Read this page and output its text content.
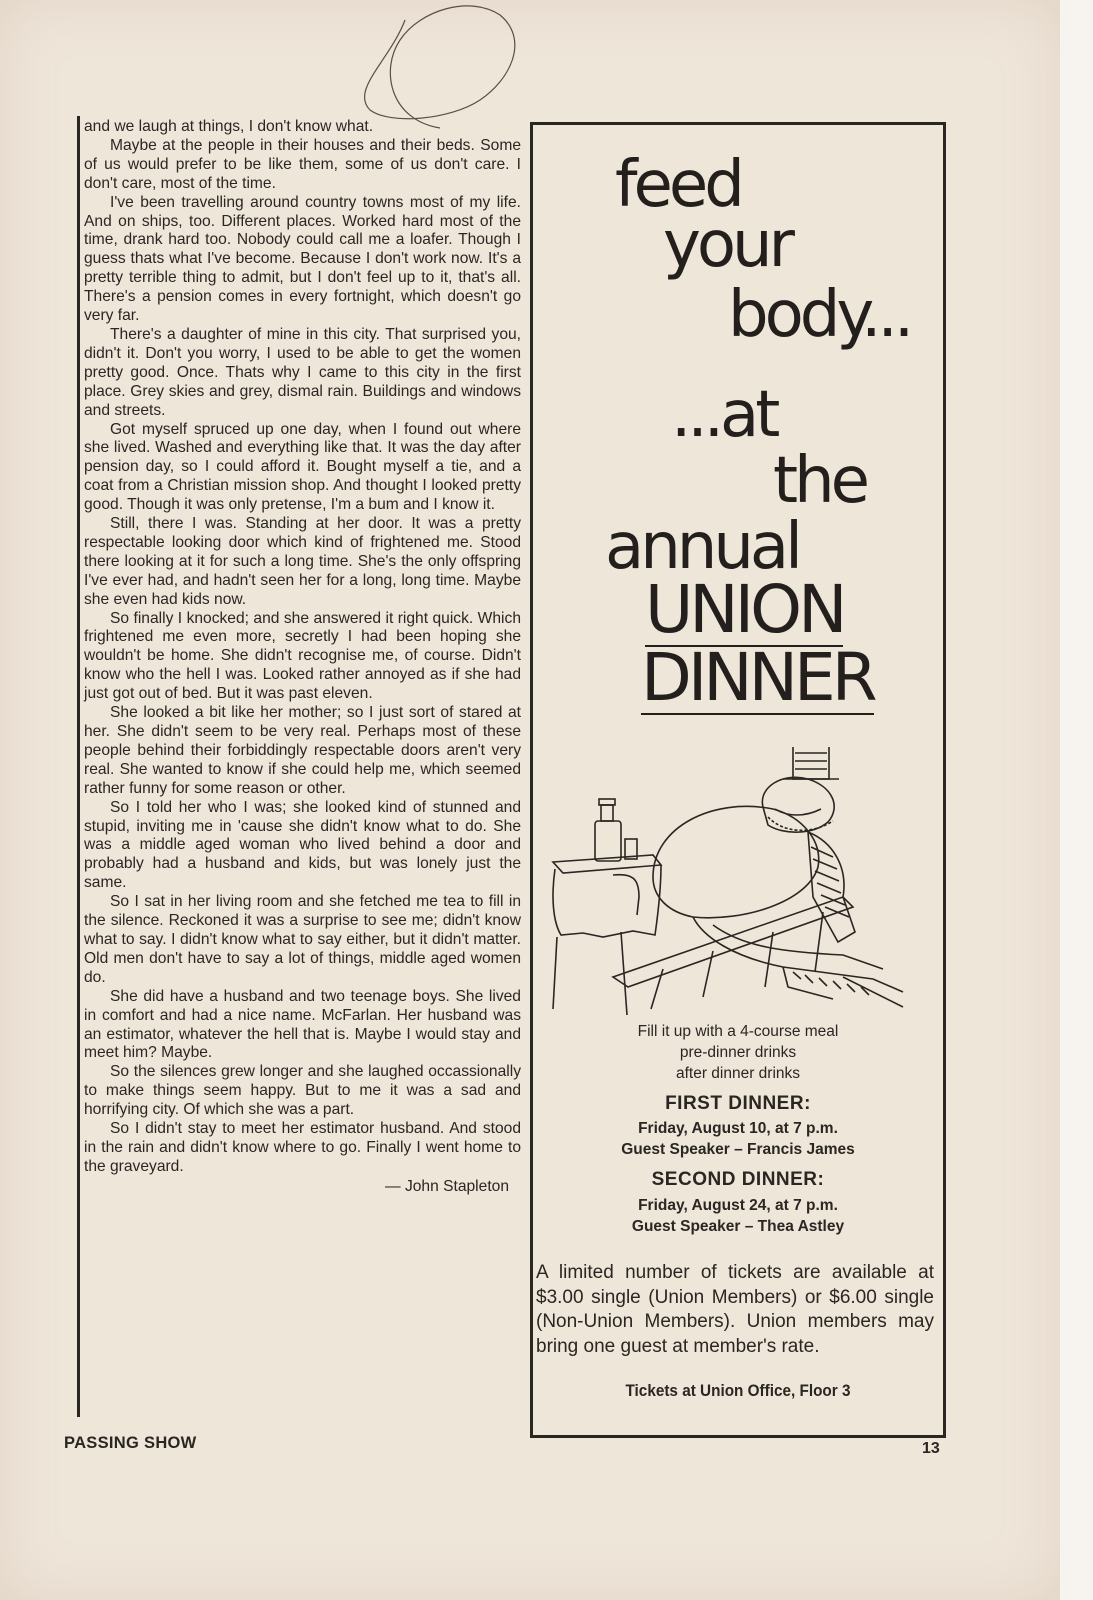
and we laugh at things, I don't know what.

Maybe at the people in their houses and their beds. Some of us would prefer to be like them, some of us don't care. I don't care, most of the time.

I've been travelling around country towns most of my life. And on ships, too. Different places. Worked hard most of the time, drank hard too. Nobody could call me a loafer. Though I guess thats what I've become. Because I don't work now. It's a pretty terrible thing to admit, but I don't feel up to it, that's all. There's a pension comes in every fortnight, which doesn't go very far.

There's a daughter of mine in this city. That surprised you, didn't it. Don't you worry, I used to be able to get the women pretty good. Once. Thats why I came to this city in the first place. Grey skies and grey, dismal rain. Buildings and windows and streets.

Got myself spruced up one day, when I found out where she lived. Washed and everything like that. It was the day after pension day, so I could afford it. Bought myself a tie, and a coat from a Christian mission shop. And thought I looked pretty good. Though it was only pretense, I'm a bum and I know it.

Still, there I was. Standing at her door. It was a pretty respectable looking door which kind of frightened me. Stood there looking at it for such a long time. She's the only offspring I've ever had, and hadn't seen her for a long, long time. Maybe she even had kids now.

So finally I knocked; and she answered it right quick. Which frightened me even more, secretly I had been hoping she wouldn't be home. She didn't recognise me, of course. Didn't know who the hell I was. Looked rather annoyed as if she had just got out of bed. But it was past eleven.

She looked a bit like her mother; so I just sort of stared at her. She didn't seem to be very real. Perhaps most of these people behind their forbiddingly respectable doors aren't very real. She wanted to know if she could help me, which seemed rather funny for some reason or other.

So I told her who I was; she looked kind of stunned and stupid, inviting me in 'cause she didn't know what to do. She was a middle aged woman who lived behind a door and probably had a husband and kids, but was lonely just the same.

So I sat in her living room and she fetched me tea to fill in the silence. Reckoned it was a surprise to see me; didn't know what to say. I didn't know what to say either, but it didn't matter. Old men don't have to say a lot of things, middle aged women do.

She did have a husband and two teenage boys. She lived in comfort and had a nice name. McFarlan. Her husband was an estimator, whatever the hell that is. Maybe I would stay and meet him? Maybe.

So the silences grew longer and she laughed occassionally to make things seem happy. But to me it was a sad and horrifying city. Of which she was a part.

So I didn't stay to meet her estimator husband. And stood in the rain and didn't know where to go. Finally I went home to the graveyard.

— John Stapleton

feed
your
body...
...at
the
annual
UNION
DINNER
Fill it up with a 4-course meal
pre-dinner drinks
after dinner drinks
FIRST DINNER:
Friday, August 10, at 7 p.m.
Guest Speaker – Francis James
SECOND DINNER:
Friday, August 24, at 7 p.m.
Guest Speaker – Thea Astley
A limited number of tickets are available at $3.00 single (Union Members) or $6.00 single (Non-Union Members). Union members may bring one guest at member's rate.
Tickets at Union Office, Floor 3
PASSING SHOW	13
